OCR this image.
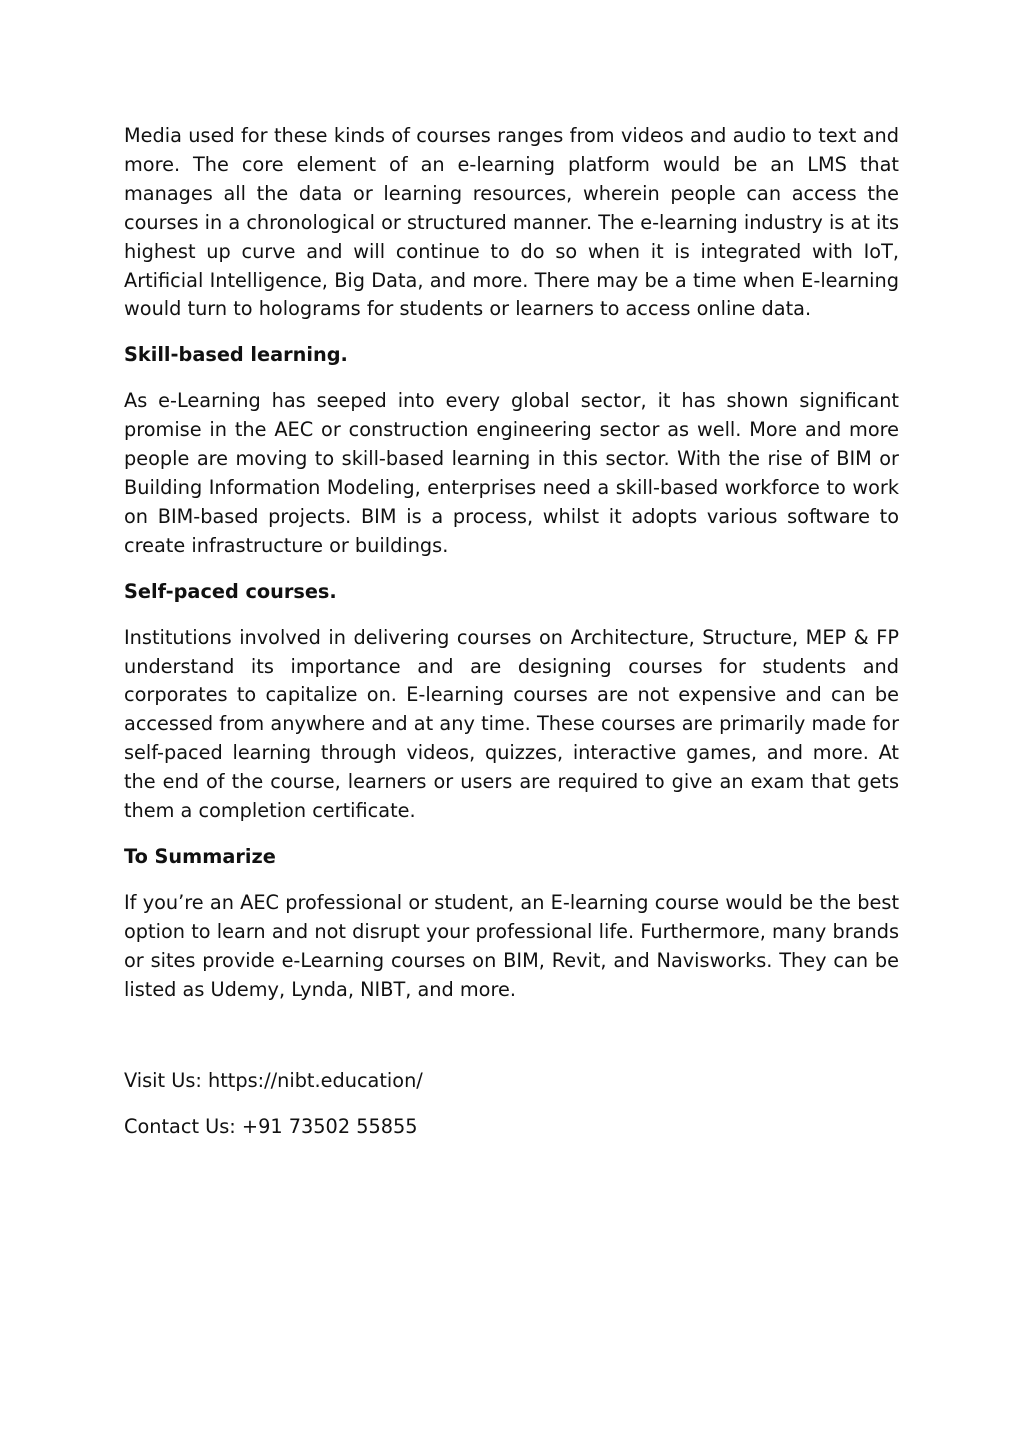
Media used for these kinds of courses ranges from videos and audio to text and more. The core element of an e-learning platform would be an LMS that manages all the data or learning resources, wherein people can access the courses in a chronological or structured manner. The e-learning industry is at its highest up curve and will continue to do so when it is integrated with IoT, Artificial Intelligence, Big Data, and more. There may be a time when E-learning would turn to holograms for students or learners to access online data.

Skill-based learning.

As e-Learning has seeped into every global sector, it has shown significant promise in the AEC or construction engineering sector as well. More and more people are moving to skill-based learning in this sector. With the rise of BIM or Building Information Modeling, enterprises need a skill-based workforce to work on BIM-based projects. BIM is a process, whilst it adopts various software to create infrastructure or buildings.

Self-paced courses.

Institutions involved in delivering courses on Architecture, Structure, MEP & FP understand its importance and are designing courses for students and corporates to capitalize on. E-learning courses are not expensive and can be accessed from anywhere and at any time. These courses are primarily made for self-paced learning through videos, quizzes, interactive games, and more. At the end of the course, learners or users are required to give an exam that gets them a completion certificate.

To Summarize

If you’re an AEC professional or student, an E-learning course would be the best option to learn and not disrupt your professional life. Furthermore, many brands or sites provide e-Learning courses on BIM, Revit, and Navisworks. They can be listed as Udemy, Lynda, NIBT, and more.

Visit Us: https://nibt.education/

Contact Us: +91 73502 55855
